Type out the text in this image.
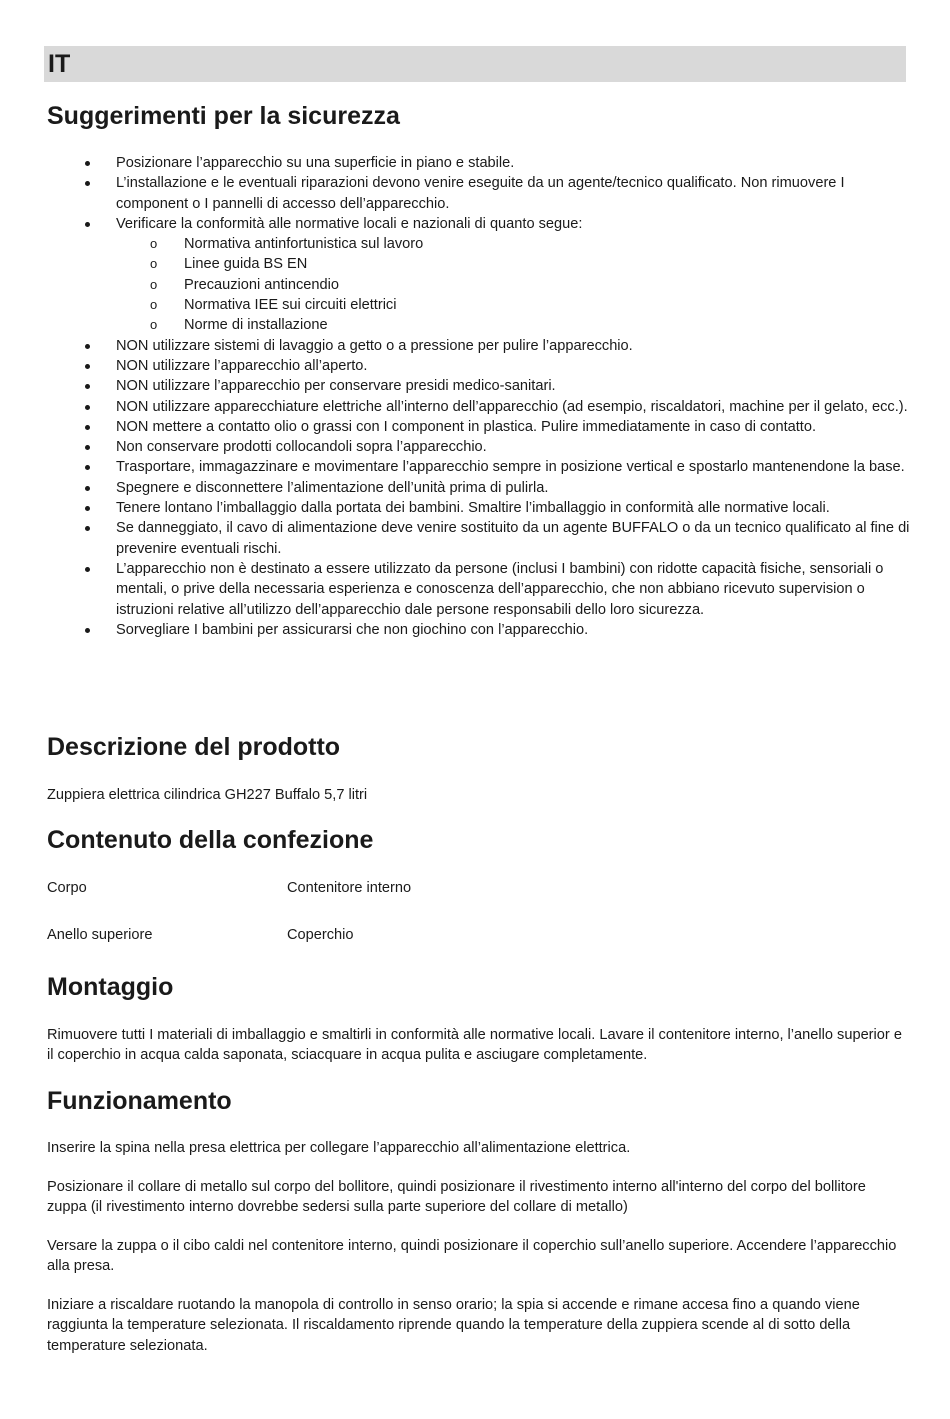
IT
Suggerimenti per la sicurezza
Posizionare l’apparecchio su una superficie in piano e stabile.
L’installazione e le eventuali riparazioni devono venire eseguite da un agente/tecnico qualificato. Non rimuovere I component o I pannelli di accesso dell’apparecchio.
Verificare la conformità alle normative locali e nazionali di quanto segue:
o Normativa antinfortunistica sul lavoro
o Linee guida BS EN
o Precauzioni antincendio
o Normativa IEE sui circuiti elettrici
o Norme di installazione
NON utilizzare sistemi di lavaggio a getto o a pressione per pulire l’apparecchio.
NON utilizzare l’apparecchio all’aperto.
NON utilizzare l’apparecchio per conservare presidi medico-sanitari.
NON utilizzare apparecchiature elettriche all’interno dell’apparecchio (ad esempio, riscaldatori, machine per il gelato, ecc.).
NON mettere a contatto olio o grassi con I component in plastica. Pulire immediatamente in caso di contatto.
Non conservare prodotti collocandoli sopra l’apparecchio.
Trasportare, immagazzinare e movimentare l’apparecchio sempre in posizione vertical e spostarlo mantenendone la base.
Spegnere e disconnettere l’alimentazione dell’unità prima di pulirla.
Tenere lontano l’imballaggio dalla portata dei bambini. Smaltire l’imballaggio in conformità alle normative locali.
Se danneggiato, il cavo di alimentazione deve venire sostituito da un agente BUFFALO o da un tecnico qualificato al fine di prevenire eventuali rischi.
L’apparecchio non è destinato a essere utilizzato da persone (inclusi I bambini) con ridotte capacità fisiche, sensoriali o mentali, o prive della necessaria esperienza e conoscenza dell’apparecchio, che non abbiano ricevuto supervision o istruzioni relative all’utilizzo dell’apparecchio dale persone responsabili dello loro sicurezza.
Sorvegliare I bambini per assicurarsi che non giochino con l’apparecchio.
Descrizione del prodotto

Zuppiera elettrica cilindrica GH227 Buffalo 5,7 litri

Contenuto della confezione
Corpo	Contenitore interno
Anello superiore	Coperchio
Montaggio

Rimuovere tutti I materiali di imballaggio e smaltirli in conformità alle normative locali. Lavare il contenitore interno, l’anello superior e il coperchio in acqua calda saponata, sciacquare in acqua pulita e asciugare completamente.

Funzionamento

Inserire la spina nella presa elettrica per collegare l’apparecchio all’alimentazione elettrica.

Posizionare il collare di metallo sul corpo del bollitore, quindi posizionare il rivestimento interno all'interno del corpo del bollitore zuppa (il rivestimento interno dovrebbe sedersi sulla parte superiore del collare di metallo)

Versare la zuppa o il cibo caldi nel contenitore interno, quindi posizionare il coperchio sull’anello superiore. Accendere l’apparecchio alla presa.

Iniziare a riscaldare ruotando la manopola di controllo in senso orario; la spia si accende e rimane accesa fino a quando viene raggiunta la temperature selezionata. Il riscaldamento riprende quando la temperature della zuppiera scende al di sotto della temperature selezionata.
